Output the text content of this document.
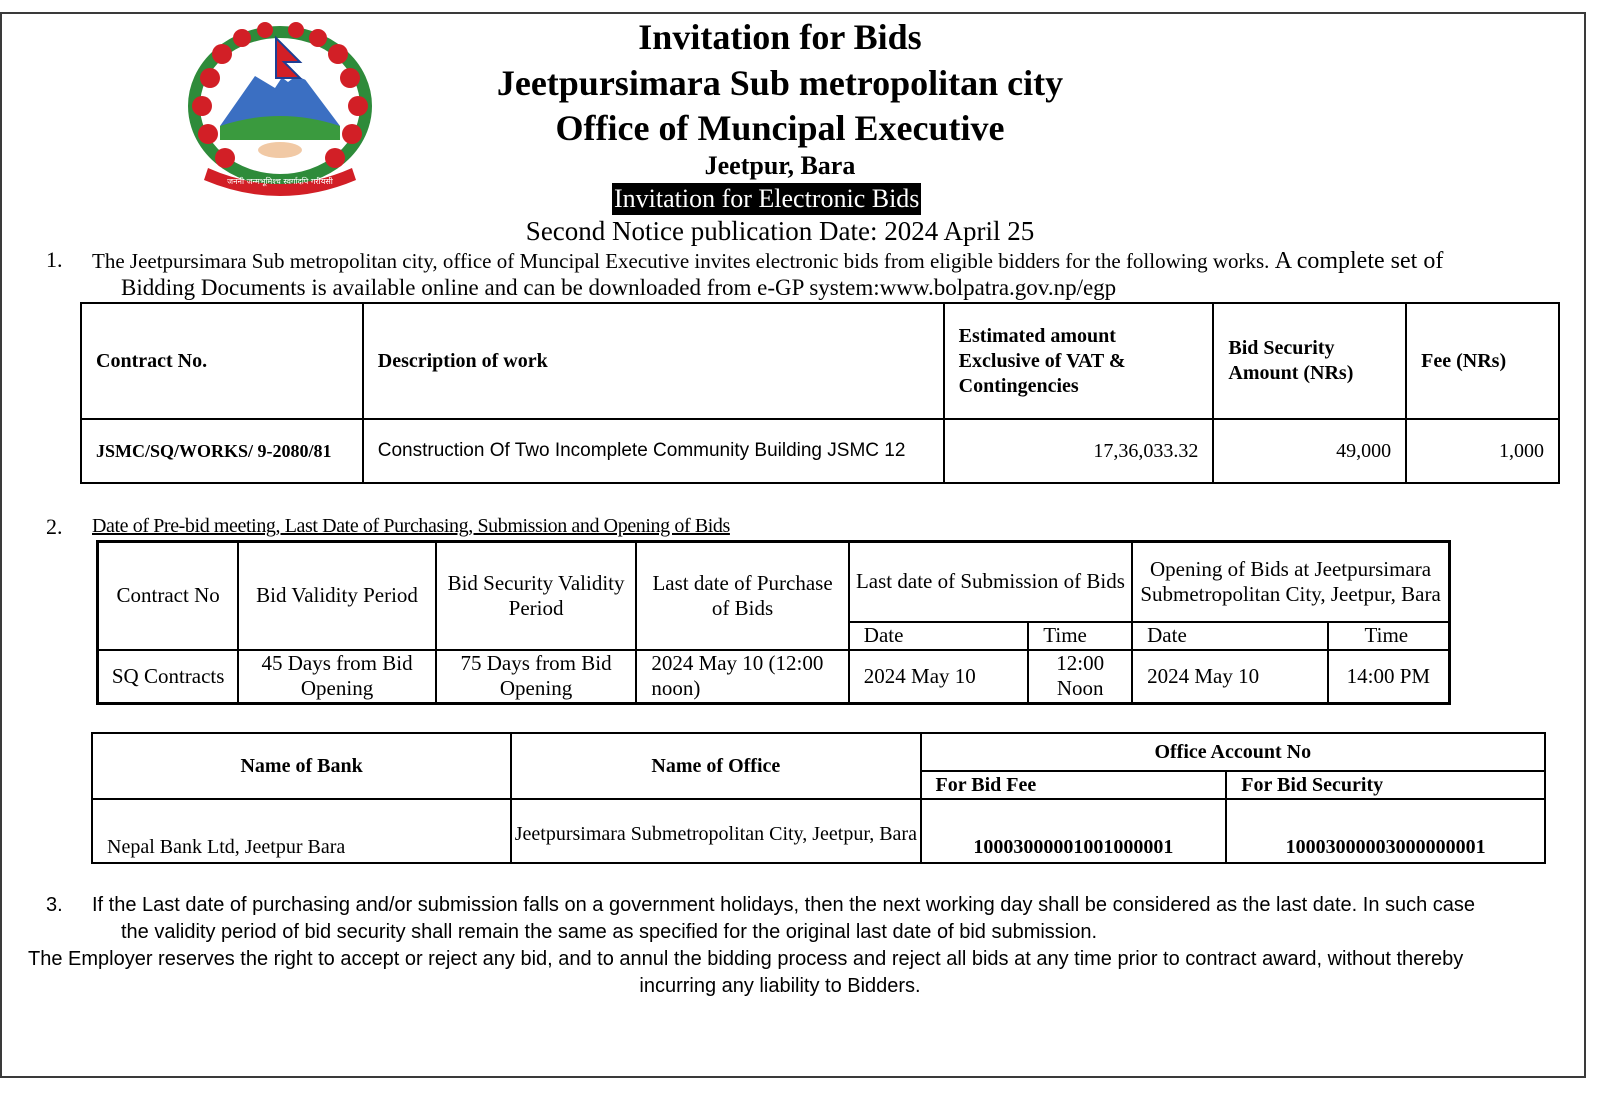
जननी जन्मभूमिश्च स्वर्गादपि गरीयसी
Invitation for Bids
Jeetpursimara Sub metropolitan city
Office of Muncipal Executive
Jeetpur, Bara
Invitation for Electronic Bids
Second Notice publication Date: 2024 April 25
1. The Jeetpursimara Sub metropolitan city, office of Muncipal Executive invites electronic bids from eligible bidders for the following works. A complete set of
Bidding Documents is available online and can be downloaded from e-GP system:www.bolpatra.gov.np/egp
Contract No.	Description of work	Estimated amount Exclusive of VAT & Contingencies	Bid Security Amount (NRs)	Fee (NRs)
JSMC/SQ/WORKS/ 9-2080/81	Construction Of Two Incomplete Community Building JSMC 12	17,36,033.32	49,000	1,000
2. Date of Pre-bid meeting, Last Date of Purchasing, Submission and Opening of Bids
Contract No	Bid Validity Period	Bid Security Validity Period	Last date of Purchase of Bids	Last date of Submission of Bids		Opening of Bids at Jeetpursimara Submetropolitan City, Jeetpur, Bara	
				Date	Time	Date	Time
SQ Contracts	45 Days from Bid Opening	75 Days from Bid Opening	2024 May 10 (12:00 noon)	2024 May 10	12:00 Noon	2024 May 10	14:00 PM
Name of Bank	Name of Office	Office Account No	
		For Bid Fee	For Bid Security
Nepal Bank Ltd, Jeetpur Bara	Jeetpursimara Submetropolitan City, Jeetpur, Bara	10003000001001000001	10003000003000000001
3. If the Last date of purchasing and/or submission falls on a government holidays, then the next working day shall be considered as the last date. In such case
the validity period of bid security shall remain the same as specified for the original last date of bid submission.
The Employer reserves the right to accept or reject any bid, and to annul the bidding process and reject all bids at any time prior to contract award, without thereby
incurring any liability to Bidders.
